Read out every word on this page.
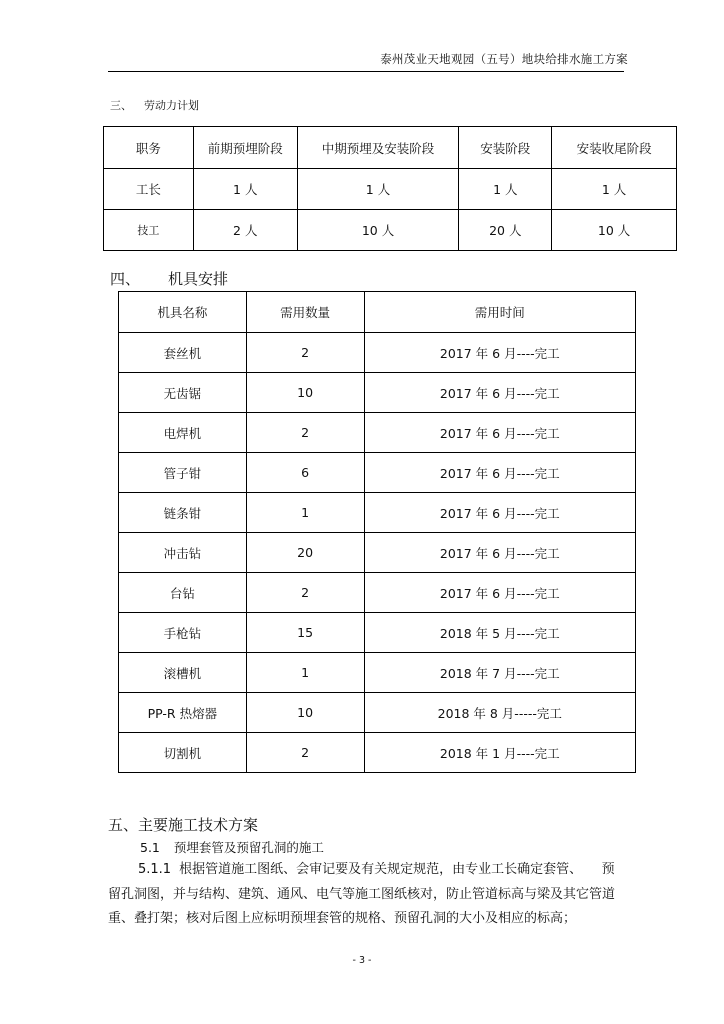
泰州茂业天地观园（五号）地块给排水施工方案
三、 劳动力计划
职务	前期预埋阶段	中期预埋及安装阶段	安装阶段	安装收尾阶段
工长	1 人	1 人	1 人	1 人
技工	2 人	10 人	20 人	10 人
四、 机具安排
机具名称	需用数量	需用时间
套丝机	2	2017 年 6 月----完工
无齿锯	10	2017 年 6 月----完工
电焊机	2	2017 年 6 月----完工
管子钳	6	2017 年 6 月----完工
链条钳	1	2017 年 6 月----完工
冲击钻	20	2017 年 6 月----完工
台钻	2	2017 年 6 月----完工
手枪钻	15	2018 年 5 月----完工
滚槽机	1	2018 年 7 月----完工
PP-R 热熔器	10	2018 年 8 月-----完工
切割机	2	2018 年 1 月----完工
五、主要施工技术方案
5.1 预埋套管及预留孔洞的施工
5.1.1 根据管道施工图纸、会审记要及有关规定规范，由专业工长确定套管、　　预留孔洞图，并与结构、建筑、通风、电气等施工图纸核对，防止管道标高与梁及其它管道重、叠打架；核对后图上应标明预埋套管的规格、预留孔洞的大小及相应的标高；
- 3 -
